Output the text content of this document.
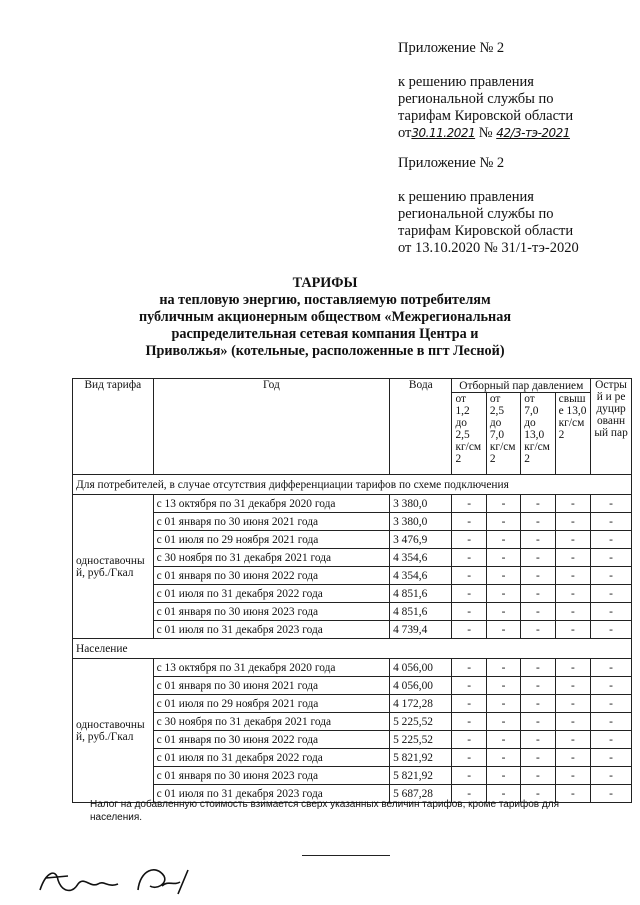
Приложение № 2
к решению правления
региональной службы по
тарифам Кировской области
от30.11.2021 № 42/3-тэ-2021
Приложение № 2
к решению правления
региональной службы по
тарифам Кировской области
от 13.10.2020 № 31/1-тэ-2020
ТАРИФЫ
на тепловую энергию, поставляемую потребителям
публичным акционерным обществом «Межрегиональная
распределительная сетевая компания Центра и
Приволжья» (котельные, расположенные в пгт Лесной)
Вид тарифа	Год	Вода	Отборный пар давлением				Острый и редуцированный пар
			от 1,2 до 2,5 кг/см 2	от 2,5 до 7,0 кг/см 2	от 7,0 до 13,0 кг/см 2	свыше 13,0 кг/см 2	
Для потребителей, в случае отсутствия дифференциации тарифов по схеме подключения							
одноставочный, руб./Гкал	с 13 октября по 31 декабря 2020 года	3 380,0	-	-	-	-	-
	с 01 января по 30 июня 2021 года	3 380,0	-	-	-	-	-
	с 01 июля по 29 ноября 2021 года	3 476,9	-	-	-	-	-
	с 30 ноября по 31 декабря 2021 года	4 354,6	-	-	-	-	-
	с 01 января по 30 июня 2022 года	4 354,6	-	-	-	-	-
	с 01 июля по 31 декабря 2022 года	4 851,6	-	-	-	-	-
	с 01 января по 30 июня 2023 года	4 851,6	-	-	-	-	-
	с 01 июля по 31 декабря 2023 года	4 739,4	-	-	-	-	-
Население							
одноставочный, руб./Гкал	с 13 октября по 31 декабря 2020 года	4 056,00	-	-	-	-	-
	с 01 января по 30 июня 2021 года	4 056,00	-	-	-	-	-
	с 01 июля по 29 ноября 2021 года	4 172,28	-	-	-	-	-
	с 30 ноября по 31 декабря 2021 года	5 225,52	-	-	-	-	-
	с 01 января по 30 июня 2022 года	5 225,52	-	-	-	-	-
	с 01 июля по 31 декабря 2022 года	5 821,92	-	-	-	-	-
	с 01 января по 30 июня 2023 года	5 821,92	-	-	-	-	-
	с 01 июля по 31 декабря 2023 года	5 687,28	-	-	-	-	-
Налог на добавленную стоимость взимается сверх указанных величин тарифов, кроме тарифов для населения.
